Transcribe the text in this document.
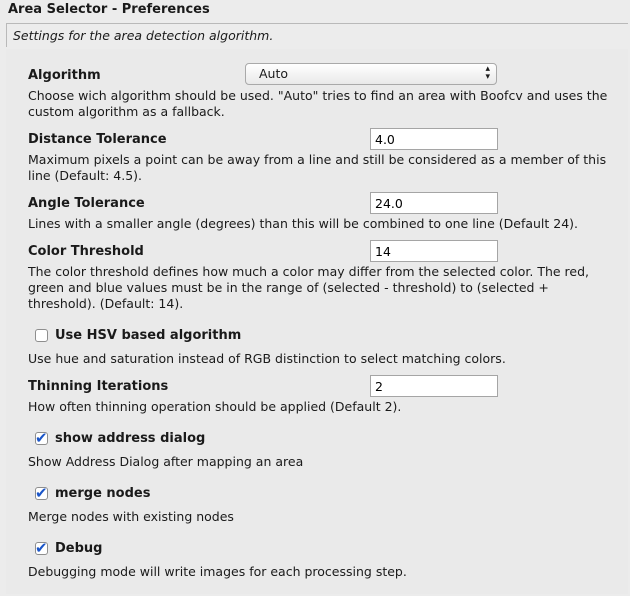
Area Selector - Preferences
Settings for the area detection algorithm.
Algorithm	Auto	▴
▾
Choose wich algorithm should be used. "Auto" tries to find an area with Boofcv and uses the custom algorithm as a fallback.
Distance Tolerance
4.0
Maximum pixels a point can be away from a line and still be considered as a member of this line (Default: 4.5).
Angle Tolerance
24.0
Lines with a smaller angle (degrees) than this will be combined to one line (Default 24).
Color Threshold
14
The color threshold defines how much a color may differ from the selected color. The red, green and blue values must be in the range of (selected - threshold) to (selected + threshold). (Default: 14).
Use HSV based algorithm
Use hue and saturation instead of RGB distinction to select matching colors.
Thinning Iterations
2
How often thinning operation should be applied (Default 2).
✔ show address dialog
Show Address Dialog after mapping an area
✔ merge nodes
Merge nodes with existing nodes
✔ Debug
Debugging mode will write images for each processing step.
